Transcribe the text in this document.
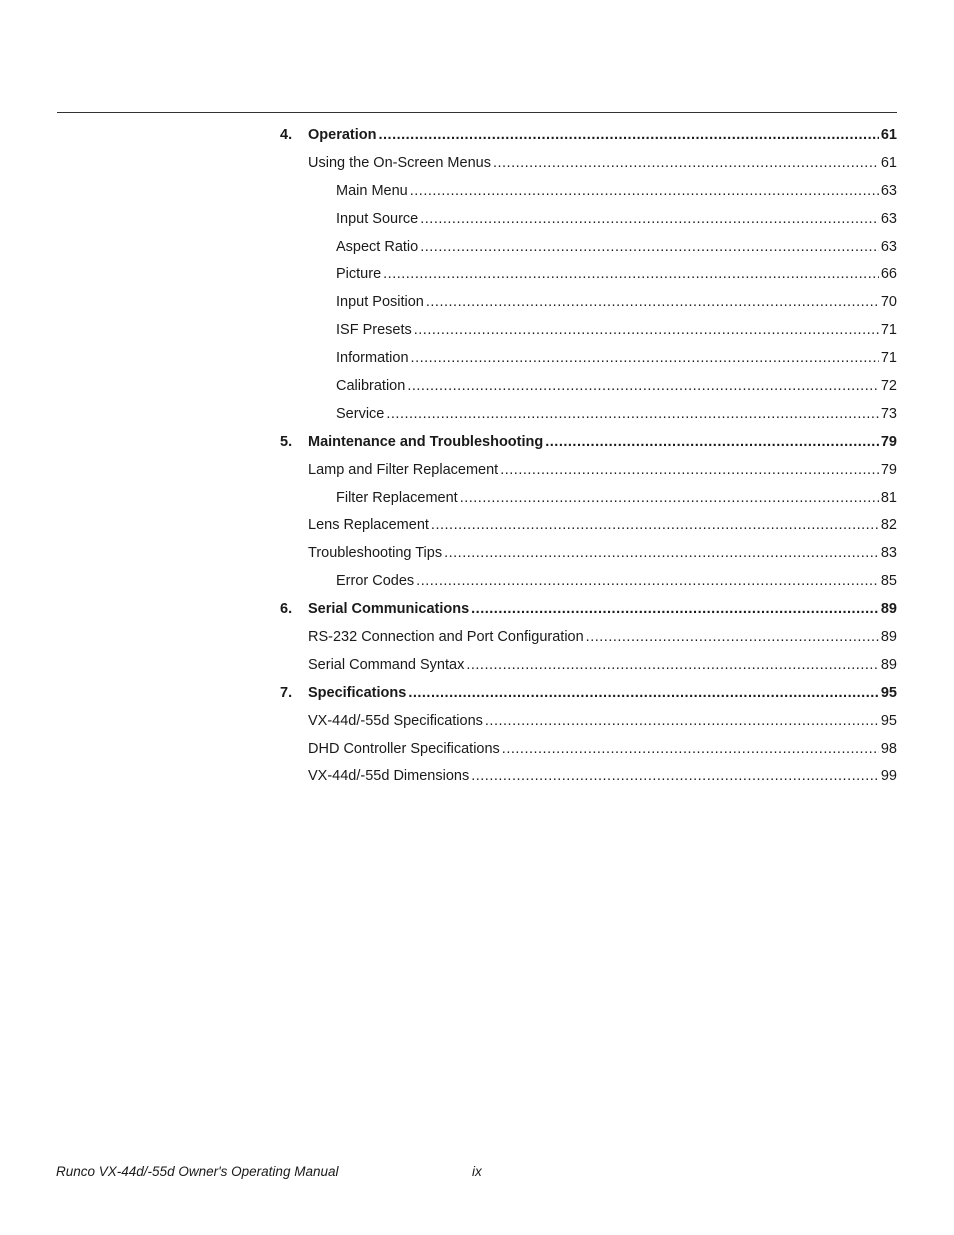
4.	Operation .....	61
Using the On-Screen Menus .....	61
Main Menu .....	63
Input Source .....	63
Aspect Ratio .....	63
Picture .....	66
Input Position .....	70
ISF Presets .....	71
Information .....	71
Calibration .....	72
Service .....	73
5.	Maintenance and Troubleshooting .....	79
Lamp and Filter Replacement .....	79
Filter Replacement .....	81
Lens Replacement .....	82
Troubleshooting Tips .....	83
Error Codes .....	85
6.	Serial Communications .....	89
RS-232 Connection and Port Configuration .....	89
Serial Command Syntax .....	89
7.	Specifications .....	95
VX-44d/-55d Specifications .....	95
DHD Controller Specifications .....	98
VX-44d/-55d Dimensions .....	99
Runco VX-44d/-55d Owner's Operating Manual	ix
